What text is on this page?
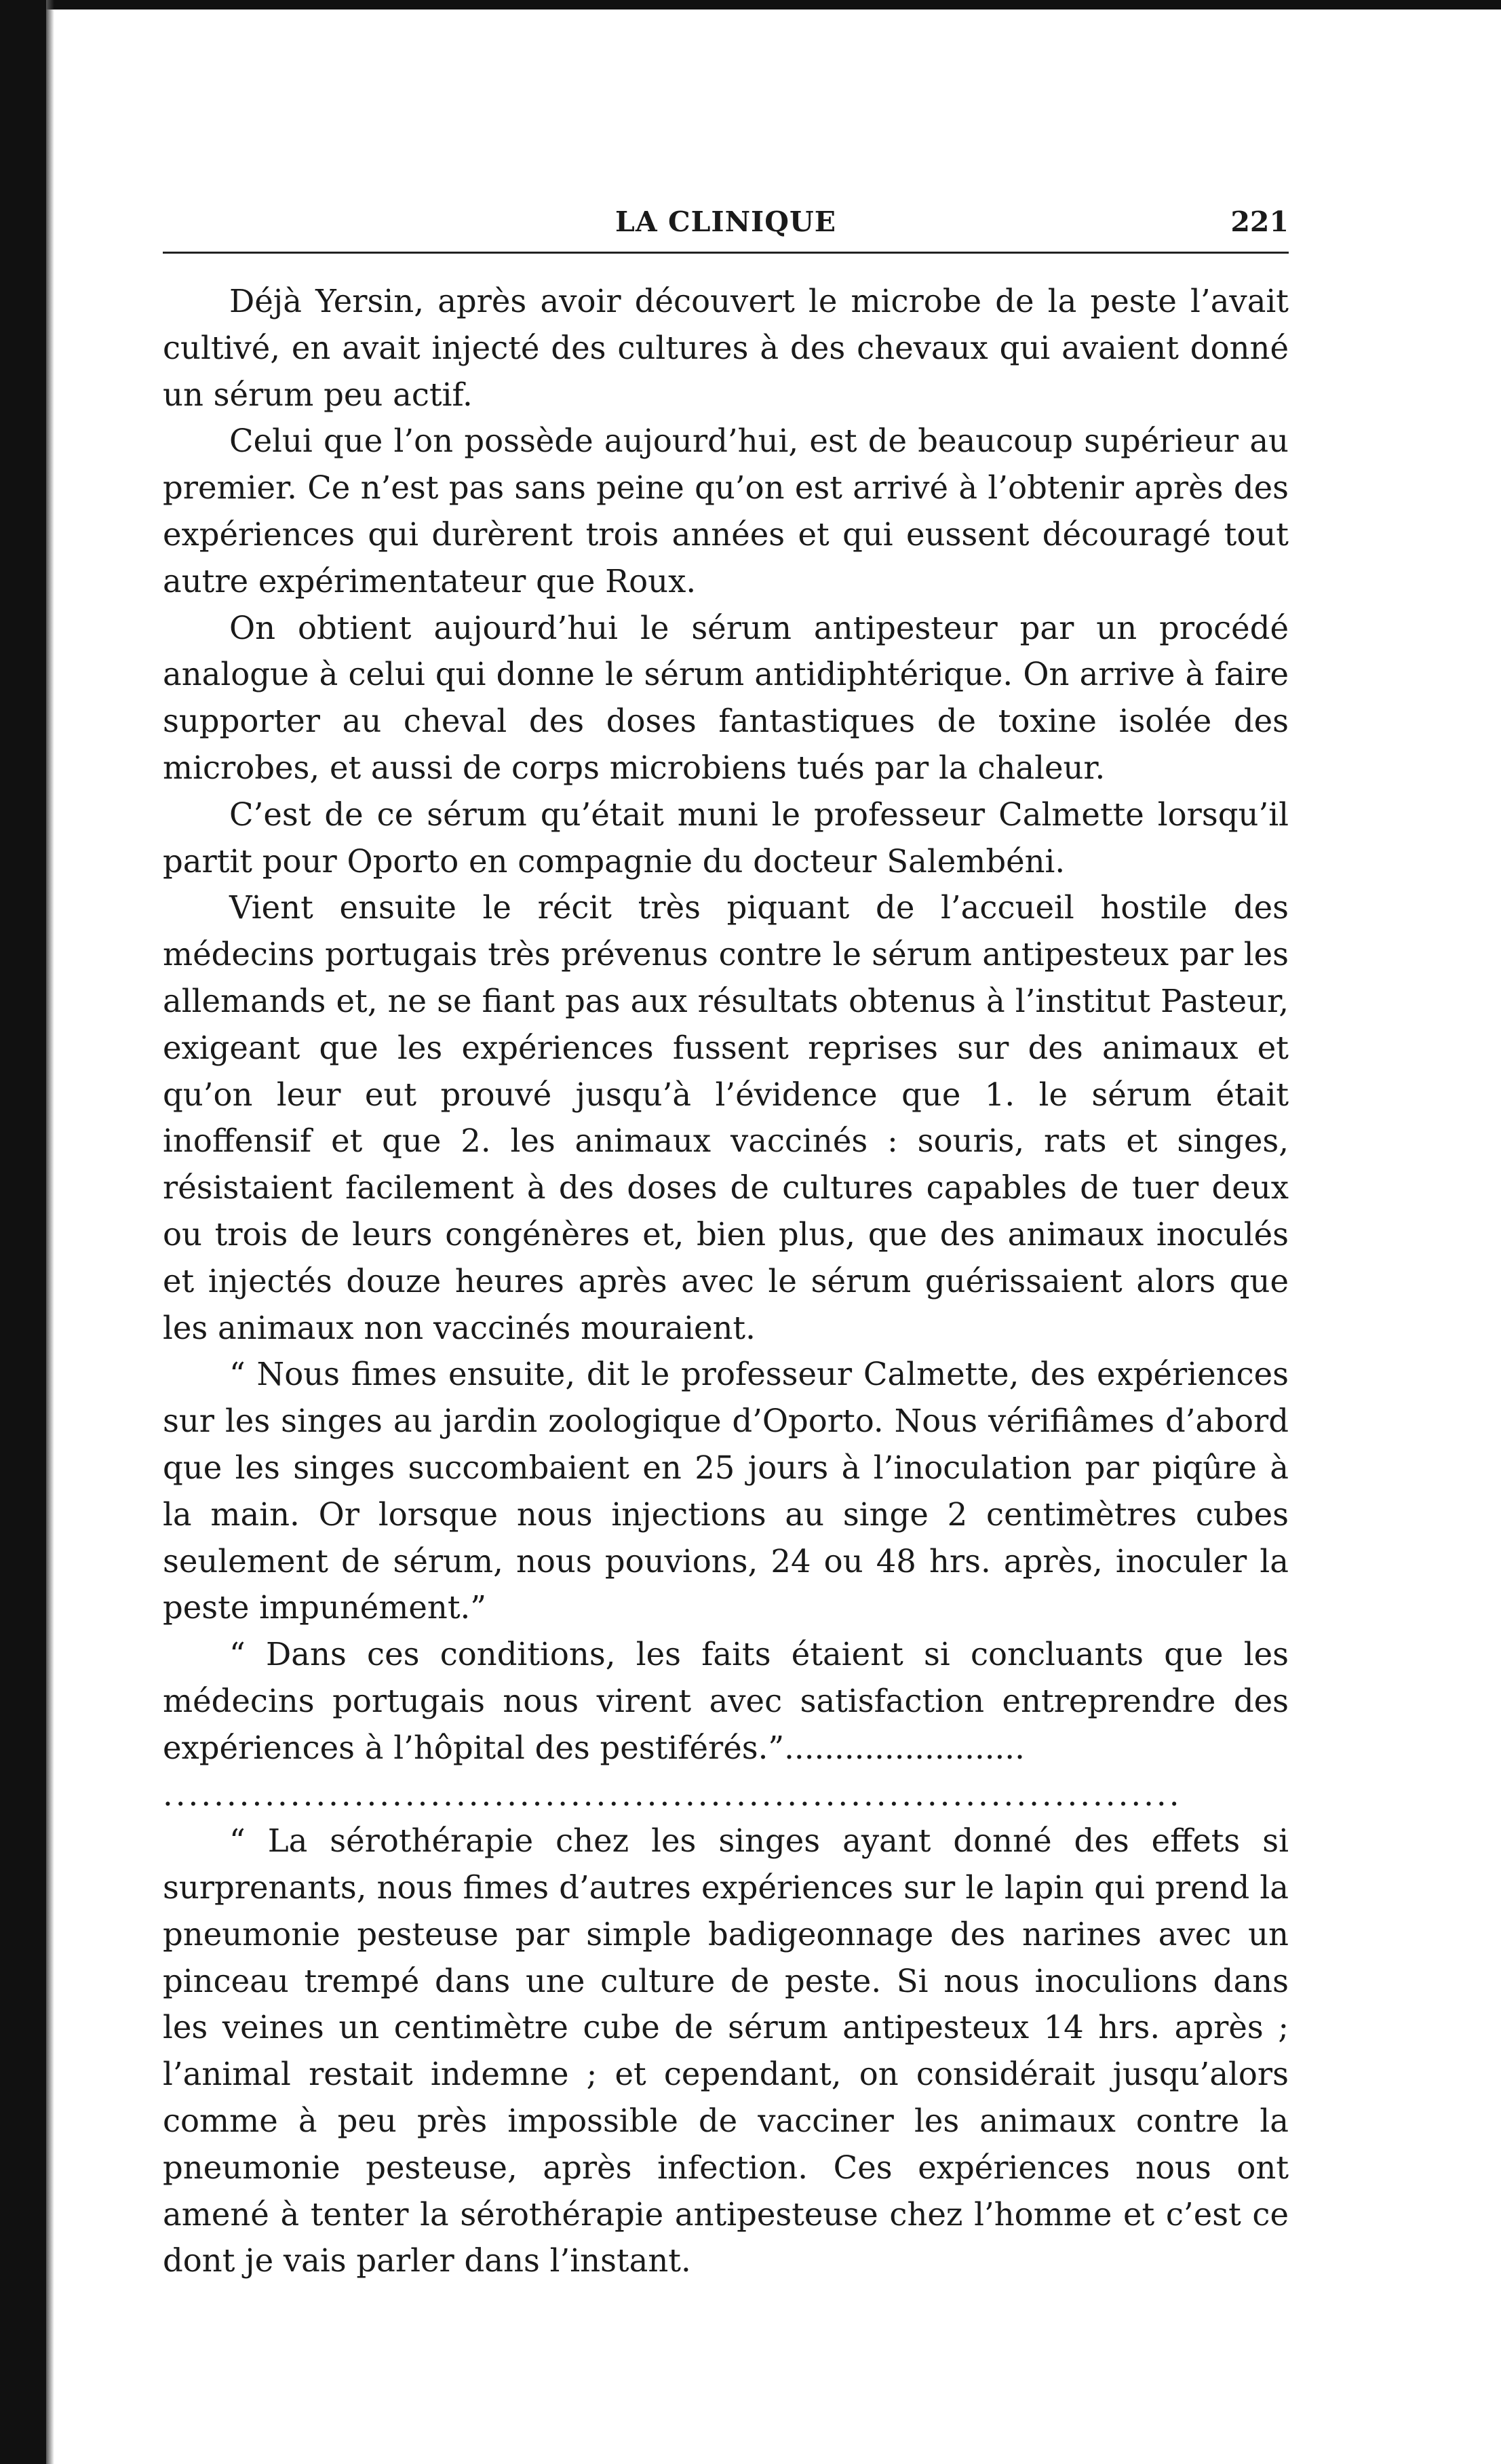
LA CLINIQUE	221

Déjà Yersin, après avoir découvert le microbe de la peste l’avait cultivé, en avait injecté des cultures à des chevaux qui avaient donné un sérum peu actif.

Celui que l’on possède aujourd’hui, est de beaucoup supérieur au premier. Ce n’est pas sans peine qu’on est arrivé à l’obtenir après des expériences qui durèrent trois années et qui eussent découragé tout autre expérimentateur que Roux.

On obtient aujourd’hui le sérum antipesteur par un procédé analogue à celui qui donne le sérum antidiphtérique. On arrive à faire supporter au cheval des doses fantastiques de toxine isolée des microbes, et aussi de corps microbiens tués par la chaleur.

C’est de ce sérum qu’était muni le professeur Calmette lorsqu’il partit pour Oporto en compagnie du docteur Salembéni.

Vient ensuite le récit très piquant de l’accueil hostile des médecins portugais très prévenus contre le sérum antipesteux par les allemands et, ne se fiant pas aux résultats obtenus à l’institut Pasteur, exigeant que les expériences fussent reprises sur des animaux et qu’on leur eut prouvé jusqu’à l’évidence que 1. le sérum était inoffensif et que 2. les animaux vaccinés : souris, rats et singes, résistaient facilement à des doses de cultures capables de tuer deux ou trois de leurs congénères et, bien plus, que des animaux inoculés et injectés douze heures après avec le sérum guérissaient alors que les animaux non vaccinés mouraient.

“ Nous fimes ensuite, dit le professeur Calmette, des expériences sur les singes au jardin zoologique d’Oporto. Nous vérifiâmes d’abord que les singes succombaient en 25 jours à l’inoculation par piqûre à la main. Or lorsque nous injections au singe 2 centimètres cubes seulement de sérum, nous pouvions, 24 ou 48 hrs. après, inoculer la peste impunément.”

“ Dans ces conditions, les faits étaient si concluants que les médecins portugais nous virent avec satisfaction entreprendre des expériences à l’hôpital des pestiférés.”........................

................................................................................

“ La sérothérapie chez les singes ayant donné des effets si surprenants, nous fimes d’autres expériences sur le lapin qui prend la pneumonie pesteuse par simple badigeonnage des narines avec un pinceau trempé dans une culture de peste. Si nous inoculions dans les veines un centimètre cube de sérum antipesteux 14 hrs. après ; l’animal restait indemne ; et cependant, on considérait jusqu’alors comme à peu près impossible de vacciner les animaux contre la pneumonie pesteuse, après infection. Ces expériences nous ont amené à tenter la sérothérapie antipesteuse chez l’homme et c’est ce dont je vais parler dans l’instant.
